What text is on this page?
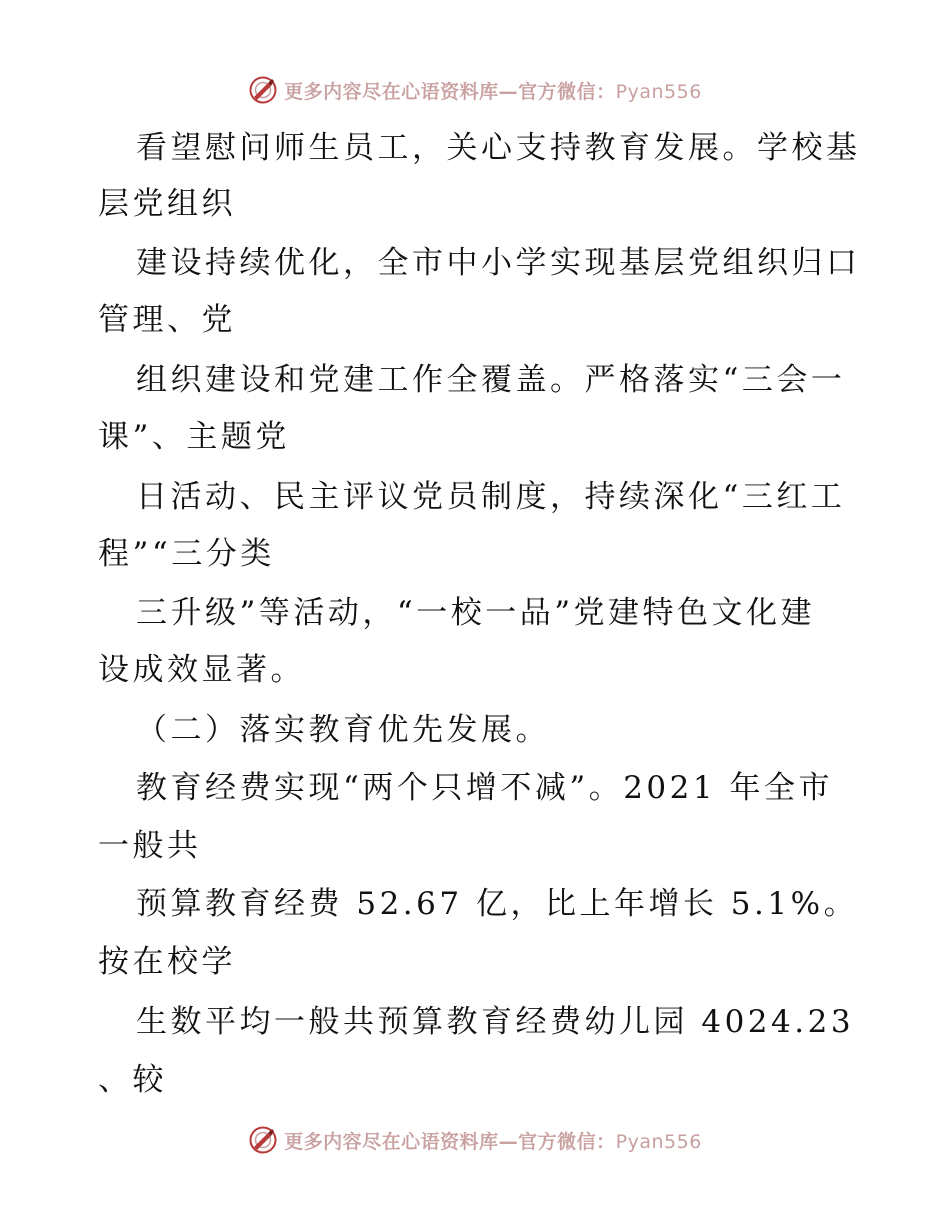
更多内容尽在心语资料库—官方微信：Pyan556
看望慰问师生员工，关心支持教育发展。学校基
层党组织
建设持续优化，全市中小学实现基层党组织归口
管理、党
组织建设和党建工作全覆盖。严格落实“三会一
课”、主题党
日活动、民主评议党员制度，持续深化“三红工
程”“三分类
三升级”等活动，“一校一品”党建特色文化建
设成效显著。
（二）落实教育优先发展。
教育经费实现“两个只增不减”。2021 年全市
一般共
预算教育经费 52.67 亿，比上年增长 5.1%。
按在校学
生数平均一般共预算教育经费幼儿园 4024.23
、较
更多内容尽在心语资料库—官方微信：Pyan556
